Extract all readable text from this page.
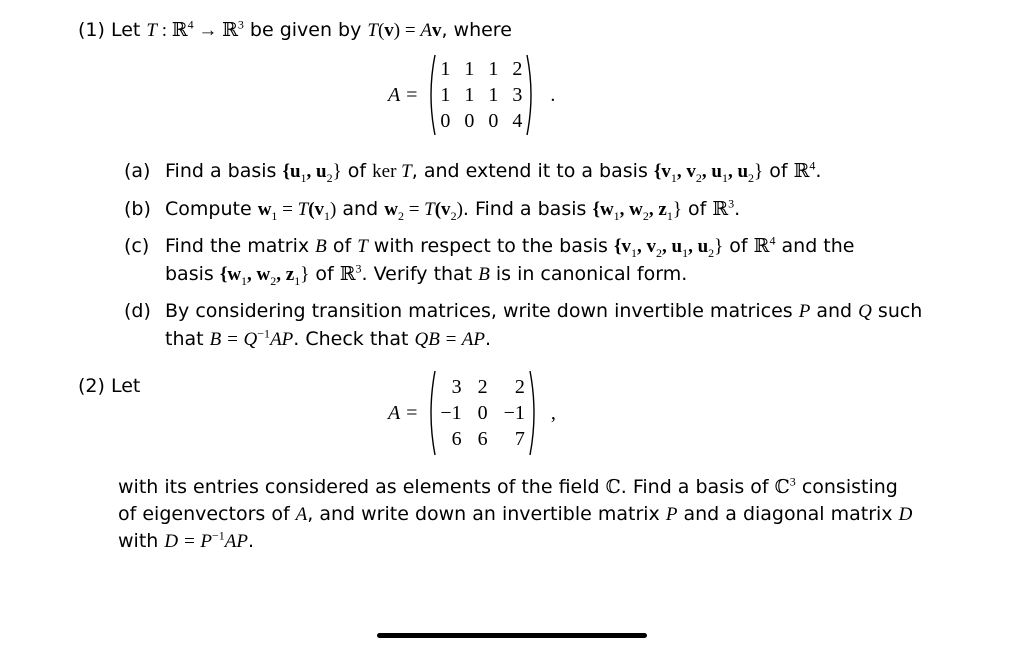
(1) Let T : ℝ$^4$ → ℝ$^3$ be given by T(v) = Av, where
A =
1 1 1 2
1 1 1 3
0 0 0 4
.
(a) Find a basis {$u_1$, $u_2$} of ker T, and extend it to a basis {$v_1$, $v_2$, $u_1$, $u_2$} of ℝ$^4$.
(b) Compute $w_1 = T(v_1)$ and $w_2 = T(v_2)$. Find a basis {$w_1$, $w_2$, $z_1$} of ℝ$^3$.
(c) Find the matrix B of T with respect to the basis {$v_1$, $v_2$, $u_1$, $u_2$} of ℝ$^4$ and the
basis {$w_1$, $w_2$, $z_1$} of ℝ$^3$. Verify that B is in canonical form.
(d) By considering transition matrices, write down invertible matrices P and Q such
that $B = Q^{-1}AP$. Check that QB = AP.
(2) Let
A =
3 2	2
−1 0 −1
6 6	7
,
with its entries considered as elements of the field ℂ. Find a basis of ℂ$^3$ consisting
of eigenvectors of A, and write down an invertible matrix P and a diagonal matrix D
with $D = P^{-1}AP$.
